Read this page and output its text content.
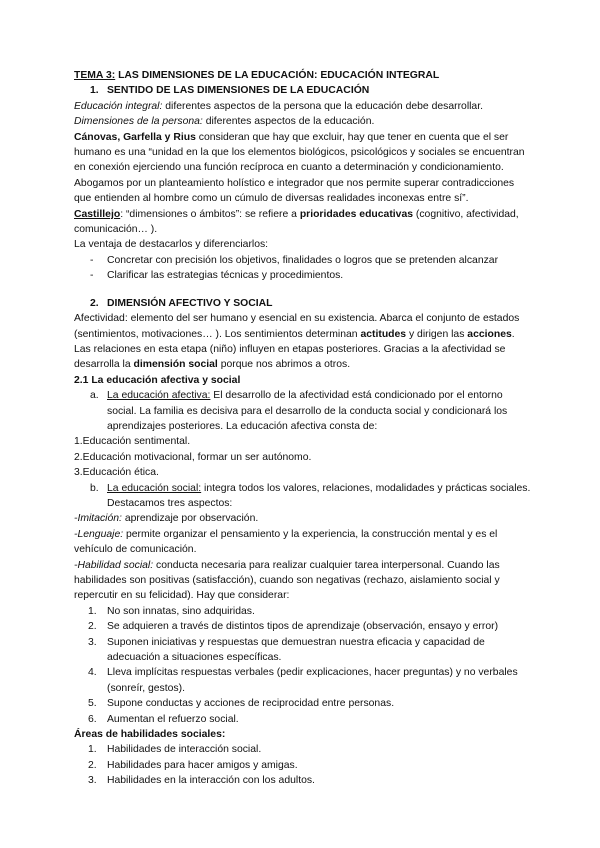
TEMA 3: LAS DIMENSIONES DE LA EDUCACIÓN: EDUCACIÓN INTEGRAL

1. SENTIDO DE LAS DIMENSIONES DE LA EDUCACIÓN

Educación integral: diferentes aspectos de la persona que la educación debe desarrollar.

Dimensiones de la persona: diferentes aspectos de la educación.

Cánovas, Garfella y Rius consideran que hay que excluir, hay que tener en cuenta que el ser humano es una “unidad en la que los elementos biológicos, psicológicos y sociales se encuentran en conexión ejerciendo una función recíproca en cuanto a determinación y condicionamiento. Abogamos por un planteamiento holístico e integrador que nos permite superar contradicciones que entienden al hombre como un cúmulo de diversas realidades inconexas entre sí”.

Castillejo: “dimensiones o ámbitos”: se refiere a prioridades educativas (cognitivo, afectividad, comunicación… ).

La ventaja de destacarlos y diferenciarlos:

-	Concretar con precisión los objetivos, finalidades o logros que se pretenden alcanzar
-	Clarificar las estrategias técnicas y procedimientos.

2. DIMENSIÓN AFECTIVO Y SOCIAL

Afectividad: elemento del ser humano y esencial en su existencia. Abarca el conjunto de estados (sentimientos, motivaciones… ). Los sentimientos determinan actitudes y dirigen las acciones. Las relaciones en esta etapa (niño) influyen en etapas posteriores. Gracias a la afectividad se desarrolla la dimensión social porque nos abrimos a otros.

2.1 La educación afectiva y social

a. La educación afectiva: El desarrollo de la afectividad está condicionado por el entorno social. La familia es decisiva para el desarrollo de la conducta social y condicionará los aprendizajes posteriores. La educación afectiva consta de:

1.Educación sentimental.

2.Educación motivacional, formar un ser autónomo.

3.Educación ética.

b. La educación social: integra todos los valores, relaciones, modalidades y prácticas sociales. Destacamos tres aspectos:

-Imitación: aprendizaje por observación.

-Lenguaje: permite organizar el pensamiento y la experiencia, la construcción mental y es el vehículo de comunicación.

-Habilidad social: conducta necesaria para realizar cualquier tarea interpersonal. Cuando las habilidades son positivas (satisfacción), cuando son negativas (rechazo, aislamiento social y repercutir en su felicidad). Hay que considerar:

1. No son innatas, sino adquiridas.
2. Se adquieren a través de distintos tipos de aprendizaje (observación, ensayo y error)
3. Suponen iniciativas y respuestas que demuestran nuestra eficacia y capacidad de adecuación a situaciones específicas.
4. Lleva implícitas respuestas verbales (pedir explicaciones, hacer preguntas) y no verbales (sonreír, gestos).
5. Supone conductas y acciones de reciprocidad entre personas.
6. Aumentan el refuerzo social.

Áreas de habilidades sociales:

1. Habilidades de interacción social.
2. Habilidades para hacer amigos y amigas.
3. Habilidades en la interacción con los adultos.
